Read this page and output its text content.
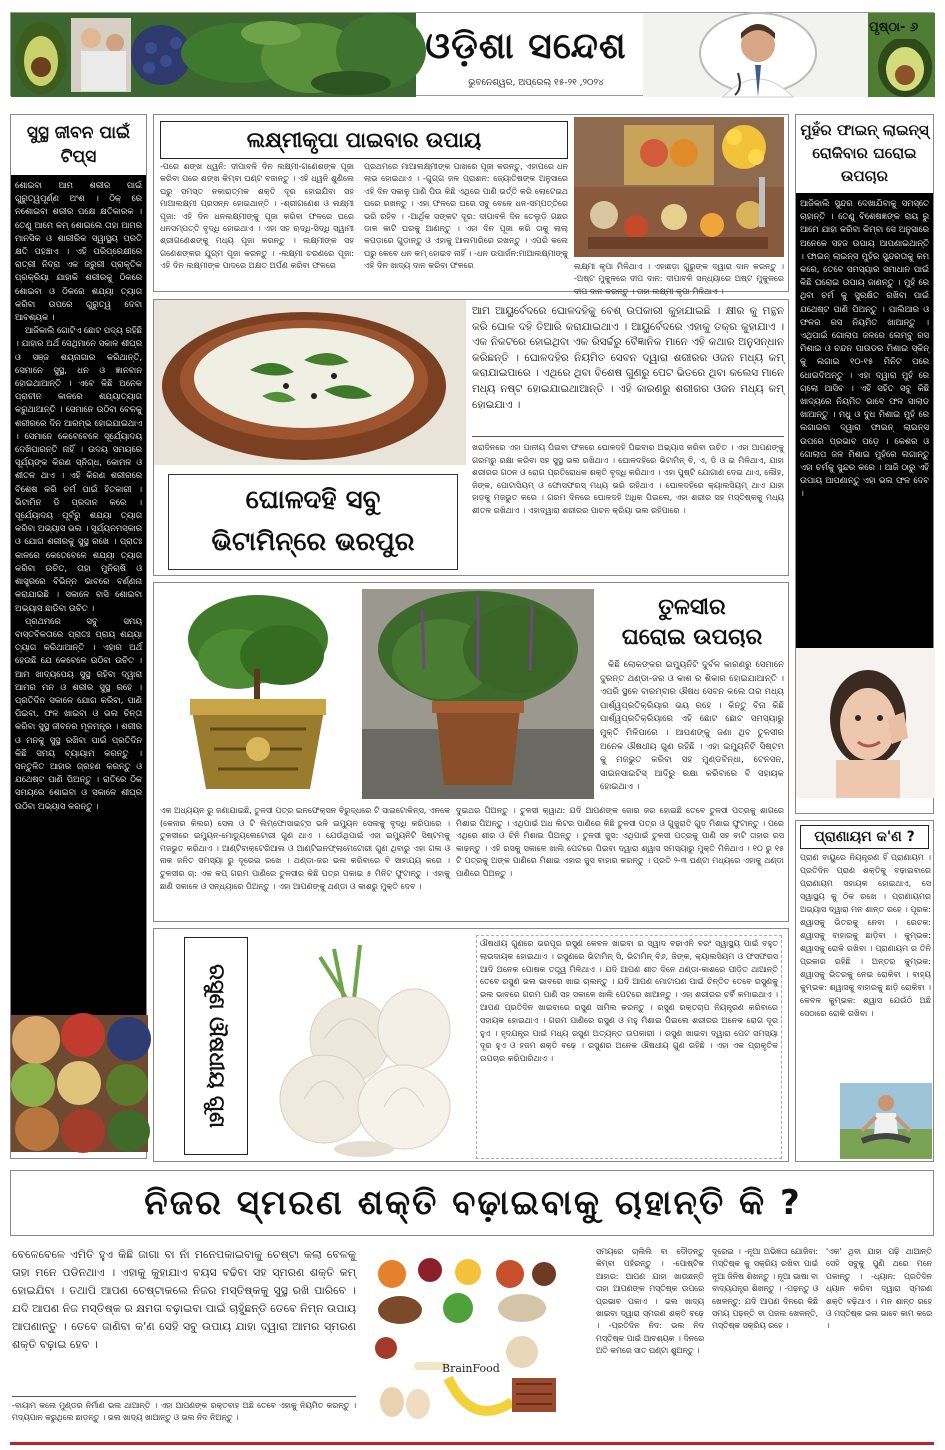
ଓଡ଼ିଶା ସନ୍ଦେଶ
ଭୁବନେଶ୍ୱର, ଅପ୍ରେଲ୍ ୧୫-୨୧ ,୨୦୨୪
ପୃଷ୍ଠା- ୬
ସୁସ୍ଥ ଜୀବନ ପାଇଁ ଟିପ୍ସ

ଶୋଇବା ଆମ ଶରୀର ପାଇଁ ଗୁରୁତ୍ୱପୂର୍ଣ୍ଣ ଅଂଶ । ଠିକ୍ ରେ ନଶୋଇବା ଶରୀର ପକ୍ଷେ କ୍ଷତିକାରକ । ତେଣୁ ଆମେ କମ୍ ଶୋଇଲେ ତାହା ଆମର ମାନସିକ ଓ ଶାରୀରିକ ସ୍ୱାସ୍ଥ୍ୟ ପ୍ରତି କ୍ଷତି ପହଞ୍ଚାଏ । ଏହି ପରିପ୍ରେକ୍ଷୀରେ ରାତ୍ରୀ ନିଦ୍ରା ଏକ ଜରୁରୀ ପ୍ରାକୃତିକ ପ୍ରକ୍ରିୟା ଯାହାକି ଶରୀରକୁ ଠିକରେ ଶୋଇବା ଓ ଠିକରେ ଶଯ୍ୟା ତ୍ୟାଗ କରିବା ଉପରେ ଗୁରୁତ୍ୱ ଦେବା ଆବଶ୍ୟକ ।

ଆଜିକାଲି ଗୋଟିଏ ଛୋଟ ପଦ୍ୟ ରହିଛି । ଯାହାର ଅର୍ଥ ସେଥିମାନେ ସକାଳ ଶୀଘ୍ର ଓ ସଞ୍ଜ ଶୟନାଗାର କରିଥାନ୍ତି, ସେମାନେ ସୁସ୍ଥ, ଧନ ଓ ଜ୍ଞାନବାନ ହୋଇଥାଆନ୍ତି । ଏବେ କିଛି ଅନେକ ପ୍ରାଚୀନ କାଳରେ ଶଯ୍ୟାତ୍ୟାଗ କରୁଥାଆନ୍ତି । ସେମାନେ ଉଠିବା ବେଳକୁ ଶରୀରରେ ଦିନ ଆରମ୍ଭ ହୋଇଯାଇଥାଏ । ସେମାନେ କେବେବେଳେ ସୂର୍ଯ୍ୟୋଦୟ ଦେଖିପାରନ୍ତି ନାହିଁ । ଉଦୟ ସମୟରେ ସୂର୍ଯ୍ୟଙ୍କ କିରଣ ସ୍ନିଗ୍ଧ, କୋମଳ ଓ ଶୀତଳ ଥାଏ । ଏହି କିରଣ ଶରୀରରେ ବିଶେଷ କରି ଚର୍ମ ପାଇଁ ହିତକାରୀ । ଭିଟାମିନ ଡି ପ୍ରଦାନ କରେ । ସୂର୍ଯ୍ୟୋଦୟ ପୂର୍ବରୁ ଶଯ୍ୟା ତ୍ୟାଗ କରିବା ଅଭ୍ୟାସ ଭଲ । ସୂର୍ଯ୍ୟନମସ୍କାର ଓ ଯୋଗ ଶରୀରକୁ ସୁସ୍ଥ ରଖେ । ପ୍ରାତଃ କାଳରେ କେତେବେଳେ ଶଯ୍ୟା ତ୍ୟାଗ କରିବା ଉଚିତ, ତାହା ମୁନିଋଷି ଓ ଶାସ୍ତ୍ରରେ ବିଭିନ୍ନ ଭାବରେ ବର୍ଣ୍ଣନା କରାଯାଇଛି । ସକାଳେ ବାସି ଶୋଇବା ଅଭ୍ୟାସ ଛାଡିବା ଉଚିତ ।

ପ୍ରଥମରେ ସବୁ ସମୟ ବାସ୍ତବିକତାରେ ପ୍ରାତଃ ପ୍ରାୟ ଶଯ୍ୟା ତ୍ୟାଗ କରିଥାଆନ୍ତି । ଏହାର ଅର୍ଥ ହେଉଛି ଯେ କେବେଳେ ଉଠିବା ଉଚିତ । ଆମ ଖାଦ୍ୟପେୟ ସୁସ୍ଥ ରହିବା ଦ୍ୱାରା ଆମର ମନ ଓ ଶରୀର ସୁସ୍ଥ ରହେ । ପ୍ରତିଦିନ ସକାଳେ ଯୋଗ କରିବା, ପାଣି ପିଇବା, ଫଳ ଖାଇବା ଓ ଭଲ ଚିନ୍ତା କରିବା ସୁସ୍ଥ ଜୀବନର ମୂଳମନ୍ତ୍ର । ଶରୀର ଓ ମନକୁ ସୁସ୍ଥ ରଖିବା ପାଇଁ ପ୍ରତିଦିନ କିଛି ସମୟ ବ୍ୟାୟାମ କରନ୍ତୁ । ସନ୍ତୁଳିତ ଆହାର ଗ୍ରହଣ କରନ୍ତୁ ଓ ଯଥେଷ୍ଟ ପାଣି ପିଅନ୍ତୁ । ରାତିରେ ଠିକ ସମୟରେ ଶୋଇବା ଓ ସକାଳେ ଶୀଘ୍ର ଉଠିବା ଅଭ୍ୟାସ କରନ୍ତୁ ।

ଲକ୍ଷ୍ମୀକୃପା ପାଇବାର ଉପାୟ
-ପରେ ଶଙ୍ଖ ଧ୍ୱନି: ଦୀପାବଳି ଦିନ ଲକ୍ଷ୍ମୀ-ଗଣେଶଙ୍କ ପୂଜା କରିବା ପରେ ଶଙ୍ଖ କିମ୍ବା ଘଣ୍ଟ ବଜାନ୍ତୁ । ଏହି ଧ୍ୱନି ଶୁଣିଲେ ଘରୁ ସମସ୍ତ ନକାରାତ୍ମକ ଶକ୍ତି ଦୂର ହୋଇଯିବା ସହ ମାଆଲକ୍ଷ୍ମୀ ପ୍ରସନ୍ନ ହୋଇଥାନ୍ତି । -ଶ୍ରୀଗଣେଶ ଓ ଲକ୍ଷ୍ମୀ ପୂଜା: ଏହି ଦିନ ଧନଲକ୍ଷ୍ମୀଙ୍କୁ ପୂଜା କରିବା ଫଳରେ ଘରେ ଧନସମ୍ପତ୍ତି ବୃଦ୍ଧି ହୋଇଥାଏ । ଏହା ସହ ଋଦ୍ଧି-ସିଦ୍ଧି ସ୍ୱାମୀ ଶ୍ରୀଗଣେଶଙ୍କୁ ମଧ୍ୟ ପୂଜା କରନ୍ତୁ । ଲକ୍ଷ୍ମୀଙ୍କ ସହ ଗଣେଶଙ୍କର ଯୁଗ୍ମ ପୂଜା କରନ୍ତୁ । -ଲକ୍ଷ୍ମୀ ଚରଣରେ ପୂଜା: ଏହି ଦିନ ଲକ୍ଷ୍ମୀଙ୍କ ପାଦରେ ଅକ୍ଷତ ଅର୍ପଣ କରିବା ଫଳରେ
ପ୍ରଥମରେ ମାଆଲକ୍ଷ୍ମୀଙ୍କ ପାଖରେ ପୂଜା କରନ୍ତୁ, ଏହାପରେ ଧନ ଲାଭ ହୋଇଥାଏ । -ଗୁଗ୍ଗ ଜଳ ପ୍ରାଶନ: ଜ୍ୟୋତିଷଙ୍କ ଅନୁସାରେ ଏହି ଦିନ ସକାଳୁ ପାଣି ପିଉ କିଛି ଏଥିରେ ପାଣି ଭର୍ତ୍ତି କରି ଲୋଟେଇଥ ଘରେ ରଖନ୍ତୁ । ଏହା ଫଳରେ ଘରେ ସବୁ ବେଳେ ଧନ-ସମ୍ପତ୍ତିରେ ଭରି ରହିବ । -ଆର୍ଥିକ ସଙ୍କଟ ଦୂର: ଦୀପାବଳି ଦିନ ତେଲୁଡ଼ି ଗଛର ଡାଳ କାଟି ଘରକୁ ଆଣନ୍ତୁ । ଏହା ଦିନ ପୂଜା କରି ତାକୁ ଲାଲ୍ କପଡ଼ାରେ ଗୁଡ଼ାନ୍ତୁ ଓ ଏହାକୁ ଆଲମାରିରେ ରଖନ୍ତୁ । ଏପରି କଲେ ଘରୁ କେବେ ଧନ କମ୍ ହୋଇବ ନାହିଁ । -ଧନ ଉପାର୍ଜନ:ମାଆଲକ୍ଷ୍ମୀଙ୍କୁ ଏହି ଦିନ ଖାଦ୍ୟ ଦାନ କରିବା ଫଳରେ	ଲକ୍ଷ୍ମୀ କୃପା ମିଳିଥାଏ । ଏହାଛଡ଼ା ଗୁରୁଙ୍କ ଦ୍ୱାରା ଦାନ କରନ୍ତୁ । -ଅଷ୍ଟ ମୁକୁଳରେ ଦୀପ ଦାନ: ଦୀପାବଳି ସନ୍ଧ୍ୟାରେ ଅଷ୍ଟ ମୁକୁଳରେ ଦୀପ ଦାନ କରନ୍ତୁ । ତାହା ଲକ୍ଷ୍ମୀ କୃପା ମିଳିଥାଏ ।
ଘୋଳଦହି ସବୁ
ଭିଟାମିନ୍‌ରେ ଭରପୁର
ଆମ ଆୟୁର୍ବେଦରେ ଘୋଳଦହିକୁ ବେଶ୍ ଉପକାରୀ କୁହାଯାଇଛି । କ୍ଷୀର କୁ ମନ୍ଥନ କରି ଘୋଳ ଦହି ତିଆରି କରାଯାଇଥାଏ । ଆୟୁର୍ବେଦରେ ଏହାକୁ ତକ୍ର କୁହାଯାଏ । ଏକ ନିକଟରେ ହୋଇଥିବା ଏକ ରିସର୍ଚ୍ଚରୁ ବୈଜ୍ଞାନିକ ମାନେ ଏହି କଥାର ଅନୁସନ୍ଧାନ କରିଛନ୍ତି । ଘୋଳଦହିର ନିୟମିତ ସେବନ ଦ୍ୱାରା ଶରୀରର ଓଜନ ମଧ୍ୟ କମ୍ କରାଯାଇପାରେ । ଏଥିରେ ଥିବା ବିଶେଷ ଗୁଣରୁ ପେଟ ଭିତରେ ଥିବା କଲେସ ମାନେ ମଧ୍ୟ ନଷ୍ଟ ହୋଇଯାଇଥାଆନ୍ତି । ଏହି କାରଣରୁ ଶରୀରର ଓଜନ ମଧ୍ୟ କମ୍ ହୋଇଯାଏ ।
ଖରାଦିନରେ ଏହା ପାନୀୟ ପିଇବା ଫଳରେ ଘୋଳଦହି ପିଇବାର ଅଭ୍ୟାସ କରିବା ଉଚିତ । ଏହା ଆପଣଙ୍କୁ ଗରମରୁ ରକ୍ଷା କରିବା ସହ ସୁସ୍ଥ ଭଲ ରଖିଥାଏ । ଘୋଳଦହିରେ ଭିଟାମିନ୍ ବି, ଏ, ଡି ଓ ଇ ମିଳିଥାଏ, ଯାହା ଶରୀରର ଗଠନ ଓ ରୋଗ ପ୍ରତିରୋଧକ ଶକ୍ତି ବୃଦ୍ଧି କରିଥାଏ । ଏହା ପୁଷ୍ଟି ଯୋଗାଣ ଦେଇ ଥାଏ, ଲୌହ, ଜିଙ୍କ, ପୋଟାସିୟମ୍ ଓ ଫୋସଫରସ୍ ମଧ୍ୟ ଭରି ରହିଥାଏ । ଘୋଳଦହିରେ କ୍ୟାଲସିୟମ୍ ଥାଏ ଯାହା ହାଡ଼କୁ ମଜଭୁତ କରେ । ଗରମ ଦିନରେ ଘୋଳଦହି ଅଧିକ ପିଇଲେ, ଏହା ଶରୀର ସହ ମସ୍ତିଷ୍କକୁ ମଧ୍ୟ ଶୀତଳ ରଖିଥାଏ । ଏହାଦ୍ୱାରା ଶରୀରର ପାଚନ କ୍ରିୟା ଭଲ ରହିପାରେ ।
ମୁହଁର ଫାଇନ୍ ଲାଇନ୍ସ୍ ରୋକିବାର ଘରୋଇ ଉପଚାର
ଆଜିକାଲି ସୁନ୍ଦର ଦେଖାଯିବାକୁ ସମସ୍ତେ ଚାହାନ୍ତି । ତେଣୁ ବିଶେଷଜ୍ଞଙ୍କ ରାୟ ରୁ ଆମେ ଯାହା କରିବା କିମ୍ବା ସେ ଅନୁସାରେ ଅନେକେ ସହଜ ଉପାୟ ଆପଣାଇଥାନ୍ତି । ଫାଇନ୍ ଲାଇନ୍ସ ମୁହଁର ସୁନ୍ଦରତାକୁ କମ କରେ, ତେବେ ସମସ୍ୟାର ସମାଧାନ ପାଇଁ କିଛି ଘରୋଇ ଉପାୟ ଜାଣନ୍ତୁ । ମୁହଁ ରେ ଥିବା ଚର୍ମ କୁ ସୁରକ୍ଷିତ ରଖିବା ପାଇଁ ଯଥେଷ୍ଟ ପାଣି ପିଅନ୍ତୁ । ପାଲିଆର ଓ ଫଳର ରସ ନିୟମିତ ଖାଆନ୍ତୁ । ଏଥିପାଇଁ ଗୋଲାପ ଜଳରେ ଲେମ୍ବୁ ରସ ମିଶାଇ ଓ ଚନ୍ଦନ ପାଉଡର ମିଶାଇ ସ୍କିନ୍ କୁ ଲଗାଇ ୧୦-୧୫ ମିନିଟ ପରେ ଧୋଇଦିଅନ୍ତୁ । ଏହା ଦ୍ୱାରା ମୁହଁ ରେ ଗ୍ଲୋ ଆସିବ । ଏହି ସହିତ ସବୁ କିଛି ଖାଦ୍ୟରେ ନିୟମିତ ଭାବେ ଫଳ ସାଲାଡ ଖାଆନ୍ତୁ । ମଧୁ ଓ ଦୁଧ ମିଶାଇ ମୁହଁ ରେ ଲଗାଇବା ଦ୍ୱାରା ଫାଇନ୍ ଲାଇନ୍ସ ଉପରେ ପ୍ରଭାବ ପଡ଼େ । କେଶର ଓ ଗୋଲାପ ଜଳ ମିଶାଇ ମୁହଁରେ ଲଗାନ୍ତୁ ଏହା ଚର୍ମକୁ ସୁନ୍ଦର କରେ । ଆଜି ଠାରୁ ଏହି ଉପାୟ ଆପଣାନ୍ତୁ ଏହା ଭଲ ଫଳ ଦେବ ।
ତୁଳସୀର
ଘରୋଇ ଉପଚାର
କିଛି ଲୋକଙ୍କର ଇମ୍ୟୁନିଟି ଦୁର୍ବଳ କାରଣରୁ ସେମାନେ ଦୁରନ୍ତ ଥଣ୍ଡା-ଜର ଓ କାଶ ର ଶିକାର ହୋଇଯାଆନ୍ତି । ଏପରି ସ୍ଥଳେ ବାରମ୍ବାର ଔଷଧ ସେବନ କଲେ ତାର ମଧ୍ୟ ପାର୍ଶ୍ୱପ୍ରତିକ୍ରିୟାର ଭୟ ରହେ । କିନ୍ତୁ ବିନା କିଛି ପାର୍ଶ୍ୱପ୍ରତିକ୍ରିୟାରେ ଏହି ଛୋଟ ଛୋଟ ସମସ୍ୟାରୁ ମୁକ୍ତି ମିଳିପାରେ । ଆପଣଙ୍କୁ ଜଣା ଥିବ ତୁଳସୀର ଅନେକ ଔଷଧୀୟ ଗୁଣ ରହିଛି । ଏହା ଇମ୍ୟୁନିଟି ସିଷ୍ଟମ କୁ ମଜଭୁତ କରିବା ସହ ମୁଣ୍ଡବିନ୍ଧା, ଟେନସନ, ସାଇନସାଇଟିସ୍ ଆଦିରୁ ରକ୍ଷା କରିବାରେ ବି ସହାୟକ ହୋଇଥାଏ ।
ଏକ ଅଧ୍ୟୟନ ରୁ ଜଣାଯାଇଛି, ତୁଳସୀ ପତ୍ର ଇନଫେକ୍ସନ ବିରୁଦ୍ଧରେ ଟି ସାଇଟୋକିନ୍ସ, ଏନକେ (କେନାର କିଲର) ସେଲ ଓ ଟି ଲିମ୍ଫୋସାଇଟ୍ସ ଭଳି ଇମ୍ୟୁନ ସେଲକୁ ବୃଦ୍ଧି କରିପାରେ । ତୁଳସୀରେ ଇମ୍ୟୁନ-ମୋଡ୍ୟୁଲେଟୋରୀ ଗୁଣ ଥାଏ । ଯେଉଁଥିପାଇଁ ଏହା ଇମ୍ୟୁନିଟି ସିଷ୍ଟମକୁ ମଜଭୁତ କରିଥାଏ । ଆଣ୍ଟିବାକ୍ଟେରିଆଲ ଓ ଆଣ୍ଟିଇନଫ୍ଲାମେଟୋରୀ ଗୁଣ ଥିବାରୁ ଏହା ଗଳା ଓ ନାକ ଜନିତ ସମସ୍ୟା ରୁ ଦୂରେଇ ରଖେ । ଥଣ୍ଡା-ଜର ଭଲ କରିବାରେ ବି ସାହାଯ୍ୟ କରେ । ତୁଳସୀର ଚା: ଏକ କପ୍ ଗରମ ପାଣିରେ ତୁଳସୀର କିଛି ପତ୍ର ପକାଇ ୫ ମିନିଟ ଫୁଟାନ୍ତୁ । ଏହାକୁ ଛାଣି ସକାଳେ ଓ ସନ୍ଧ୍ୟାରେ ପିଅନ୍ତୁ । ଏହା ଆପଣଙ୍କୁ ଥଣ୍ଡା ଓ କାଶରୁ ମୁକ୍ତି ଦେବ ।
ଦୁଇଥର ପିଅନ୍ତୁ । ତୁଳସୀ କ୍ୱାଥ: ଯଦି ଆପଣଙ୍କ ଜୋର ଜର ହୋଇଛି ତେବେ ତୁଳସୀ ପତ୍ରକୁ ଶାଗରେ ମିଶାଇ ପିଅନ୍ତୁ । ଏଥିପାଇଁ ଅଧ ଲିଟର ପାଣିରେ କିଛି ତୁଳସୀ ପତ୍ର ଓ ଗୁଜୁରାତି ଗୁଡ଼ ମିଶାଇ ଫୁଟାନ୍ତୁ । ପରେ ଏଥିରେ ଶୀର ଓ ଚିନି ମିଶାଇ ପିଅନ୍ତୁ । ତୁଳସୀ ଜୁସ: ଏଥିପାଇଁ ତୁଳସୀ ପତ୍ରକୁ ପାଣି ସହ ବାଟି ତାହାର ରସ କାଢ଼ନ୍ତୁ । ଏହି ରସକୁ ସକାଳେ ଖାଲି ପେଟରେ ପିଇବା ଦ୍ୱାରା ଶ୍ୱାସ ସମସ୍ୟାରୁ ମୁକ୍ତି ମିଳିଥାଏ । ୧୦ ରୁ ୧୫ ଟି ପତ୍ରକୁ ଅଙ୍କ ପାଣିରେ ମିଶାଇ ଏହାର ଜୁସ ବାହାର କରନ୍ତୁ । ପ୍ରତି ୨-୩ ଘଣ୍ଟା ମଧ୍ୟରେ ଏହାକୁ ଥଣ୍ଡା ପାଣିରେ ପିଅନ୍ତୁ ।
ରସୁଣ ଔଷଧୀୟ ଗୁଣ
ଔଷଧୀୟ ଗୁଣରେ ଭରପୂର ରସୁଣ କେବଳ ଖାଇବା ର ସ୍ୱାଦ ବଢାଏନି ବରଂ ସ୍ୱାସ୍ଥ୍ୟ ପାଇଁ ବହୁତ ଲାଭଦାୟକ ହୋଇଥାଏ । ରସୁଣରେ ଭିଟାମିନ୍ ସି, ଭିଟାମିନ୍ ବି୬, ଜିଙ୍କ, କ୍ୟାଲସିୟମ ଓ ଫସଫରସ ଆଦି ଅନେକ ପୋଷକ ତତ୍ତ୍ୱ ମିଳିଥାଏ । ଯଦି ଆପଣ ଶୀତ ଦିନେ ଥଣ୍ଡା-କାଶରେ ପୀଡ଼ିତ ଥାଆନ୍ତି ତେବେ ରସୁଣ ଭଲ ଭାବରେ ଖାଇ ଚାଲନ୍ତୁ । ଯଦି ଆପଣ ମୋଟାପଣ ପାଇଁ ଚିନ୍ତିତ ତେବେ ରସୁଣକୁ ଭଲ ଭାବରେ ଗରମ ପାଣି ସହ ସକାଳେ ଖାଲି ପେଟରେ ଖାଆନ୍ତୁ । ଏହା ଶରୀରର ଚର୍ବି କମାଇଥାଏ । ଆପଣ ପ୍ରତିଦିନ ଖାଇବାରେ ରସୁଣ ସାମିଲ କରନ୍ତୁ । ରସୁଣ ରକ୍ତଚାପ ନିୟନ୍ତ୍ରଣ କରିବାରେ ସହାୟକ ହୋଇଥାଏ । ଗରମ ପାଣିରେ ରସୁଣ ଓ ମହୁ ମିଶାଇ ପିଇଲେ ଶରୀରର ଅନେକ ରୋଗ ଦୂର ହୁଏ । ହୃଦଯନ୍ତ୍ର ପାଇଁ ମଧ୍ୟ ରସୁଣ ଅତ୍ୟନ୍ତ ଉପକାରୀ । ରସୁଣ ଖାଇବା ଦ୍ୱାରା ପେଟ ସମସ୍ୟା ଦୂର ହୁଏ ଓ ହଜମ ଶକ୍ତି ବଢ଼େ । ରସୁଣର ଅନେକ ଔଷଧୀୟ ଗୁଣ ରହିଛି । ଏହା ଏକ ପ୍ରାକୃତିକ ଉପଚାର କରିପାରିଥାଏ ।
ପ୍ରାଣାୟମ କ'ଣ ?
ପ୍ରାଣ ବାୟୁରେ ନିୟନ୍ତ୍ରଣ ହିଁ ପ୍ରାଣାୟମ । ପ୍ରତିଦିନ ପ୍ରାଣ ଶକ୍ତିକୁ ବଢ଼ାଇବାରେ ପ୍ରାଣାୟମ ସହାୟକ ହୋଇଥାଏ, ସେ ସ୍ୱାସ୍ଥ୍ୟ କୁ ଠିକ ରଖେ । ପ୍ରାଣାୟମର ଅଭ୍ୟାସ ଦ୍ୱାରା ମନ ଶାନ୍ତ ରହେ । ପୂରକ: ଶ୍ୱାସକୁ ଭିତରକୁ ନେବା । ରେଚକ: ଶ୍ୱାସକୁ ବାହାରକୁ ଛାଡ଼ିବା । କୁମ୍ଭକ: ଶ୍ୱାସକୁ ରୋକି ରଖିବା । ପ୍ରାଣାୟମ ର ତିନି ପ୍ରକାର ରହିଛି । ଅନ୍ତର କୁମ୍ଭକ: ଶ୍ୱାସକୁ ଭିତରକୁ ନେଇ ରୋକିବା । ବାହ୍ୟ କୁମ୍ଭକ: ଶ୍ୱାସକୁ ବାହାରକୁ ଛାଡ଼ି ରୋକିବା । କେବଳ କୁମ୍ଭକ: ଶ୍ୱାସ ଯେଉଁଠି ଅଛି ସେଠାରେ ରୋକି ରଖିବା ।
ନିଜର ସ୍ମରଣ ଶକ୍ତି ବଢ଼ାଇବାକୁ ଚାହାନ୍ତି କି ?
ବେଳେବେଳେ ଏମିତି ହୁଏ କିଛି ଜାଗା ବା ନାଁ ମନେପକାଇବାକୁ ଚେଷ୍ଟା କଲା ବେଳକୁ ତାହା ମନେ ପଡିନଥାଏ । ଏହାକୁ କୁହାଯାଏ ବୟସ ବଢିବା ସହ ସ୍ମରଣ ଶକ୍ତି କମ୍ ହୋଇଯିବା । ତଥାପି ଆପଣ ଚେଷ୍ଟାକଲେ ନିଜର ମସ୍ତିଷ୍କକୁ ସୁସ୍ଥ ରଖି ପାରିବେ । ଯଦି ଆପଣ ନିଜ ମସ୍ତିଷ୍କ ର କ୍ଷମତା ବଢ଼ାଇବା ପାଇଁ ଚାହୁଁଛନ୍ତି ତେବେ ନିମ୍ନ ଉପାୟ ଆପଣାନ୍ତୁ । ତେବେ ଜାଣିବା କ'ଣ ସେହି ସବୁ ଉପାୟ ଯାହା ଦ୍ୱାରା ଆମର ସ୍ମରଣ ଶକ୍ତି ବଢ଼ାଇ ହେବ ।
-ବାୟାମ କଲେ ମୁଣ୍ଡର ନିର୍ମାଣ ଭଲ ଥାଆନ୍ତି । ଏହା ଆପଣଙ୍କ ରକ୍ତବାହ ଅଛି ତେବେ ଏହାକୁ ନିୟମିତ କରନ୍ତୁ । ମଦ୍ୟପାନ କରୁଥିଲେ ଛାଡ଼ନ୍ତୁ । ଭଲ ଖାଦ୍ୟ ଖାଆନ୍ତୁ ଓ ଭଲ ନିଦ ନିଅନ୍ତୁ ।
BrainFood
ସମୟରେ ଚାଲିଲି ବା ଦୌଡ଼ନ୍ତୁ କିମ୍ବା ପହଁରନ୍ତୁ । -ପୋଷ୍ଟିକ ଆହାର: ଆପଣ ଯାହା ଖାଉଛନ୍ତି ତାହା ଆପଣଙ୍କ ମସ୍ତିଷ୍କ ଉପରେ ପ୍ରଭାବ ପକାଏ । ଭଲ ଖାଦ୍ୟ ଖାଇବା ଦ୍ୱାରା ସ୍ମରଣ ଶକ୍ତି ବଢ଼େ । -ପ୍ରତିଦିନ ନିଦ: ଭଲ ନିଦ ମସ୍ତିଷ୍କ ପାଇଁ ଆବଶ୍ୟକ । ଦିନରେ ଅତି କମରେ ସାତ ଘଣ୍ଟା ଶୁଅନ୍ତୁ ।
ଦୂରେଇ । -ନୂଆ ଅଭିଜ୍ଞତା ଯୋଜିବା: ମସ୍ତିଷ୍କ କୁ ସକ୍ରିୟ ରଖିବା ପାଇଁ ନୂଆ ଜିନିଷ ଶିଖନ୍ତୁ । ନୂଆ ଭାଷା ବା ବାଦ୍ୟଯନ୍ତ୍ର ଶିଖନ୍ତୁ । -ପଢ଼ନ୍ତୁ ଓ ଖେଳନ୍ତୁ: ଯଦି ଆପଣ ଦିନରେ କିଛି ସମୟ ପଢ଼ନ୍ତି ବା ପଜଲ ଖେଳନ୍ତି, ମସ୍ତିଷ୍କ ସକ୍ରିୟ ରହେ ।
'ଏକ' ଥିବା ଯାହା ପଢ଼ି ଥାଆନ୍ତି ସେହି ସବୁକୁ ପୁଣି ଥରେ ମନେ ପକାନ୍ତୁ । -ଧ୍ୟାନ: ପ୍ରତିଦିନ ଧ୍ୟାନ କରିବା ଦ୍ୱାରା ସ୍ମରଣ ଶକ୍ତି ବଢ଼ିଥାଏ । ମନ ଶାନ୍ତ ରହେ ଓ ମସ୍ତିଷ୍କ ଭଲ ଭାବେ କାମ କରେ ।
